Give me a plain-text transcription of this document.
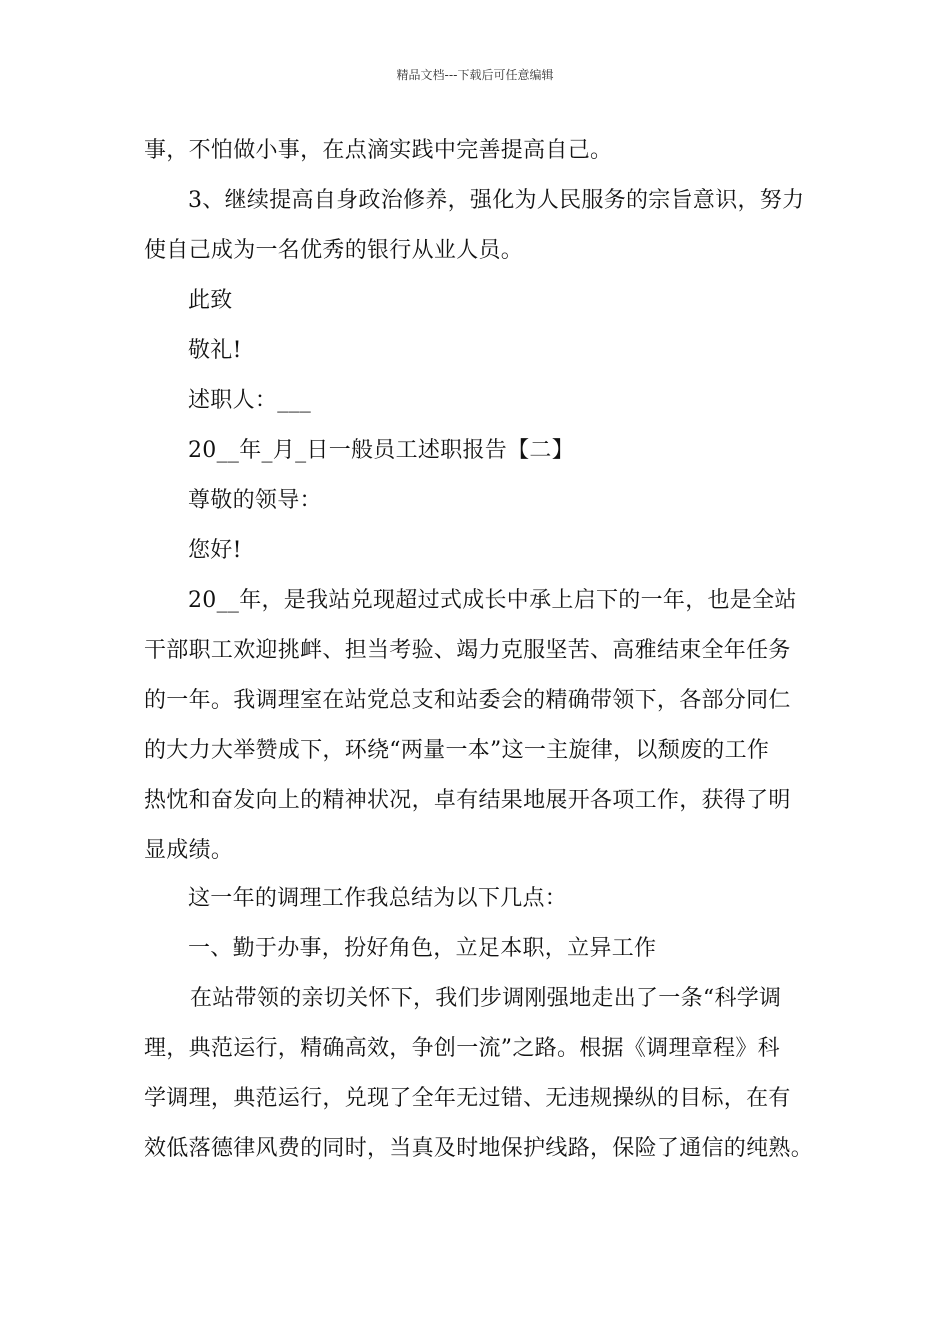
精品文档---下载后可任意编辑
事，不怕做小事，在点滴实践中完善提高自己。
3、继续提高自身政治修养，强化为人民服务的宗旨意识，努力
使自己成为一名优秀的银行从业人员。
此致
敬礼!
述职人：___
20__年_月_日一般员工述职报告【二】
尊敬的领导：
您好!
20__年，是我站兑现超过式成长中承上启下的一年，也是全站
干部职工欢迎挑衅、担当考验、竭力克服坚苦、高雅结束全年任务
的一年。我调理室在站党总支和站委会的精确带领下，各部分同仁
的大力大举赞成下，环绕“两量一本”这一主旋律，以颓废的工作
热忱和奋发向上的精神状况，卓有结果地展开各项工作，获得了明
显成绩。
这一年的调理工作我总结为以下几点：
一、勤于办事，扮好角色，立足本职，立异工作
在站带领的亲切关怀下，我们步调刚强地走出了一条“科学调
理，典范运行，精确高效，争创一流”之路。根据《调理章程》科
学调理，典范运行，兑现了全年无过错、无违规操纵的目标，在有
效低落德律风费的同时，当真及时地保护线路，保险了通信的纯熟。
